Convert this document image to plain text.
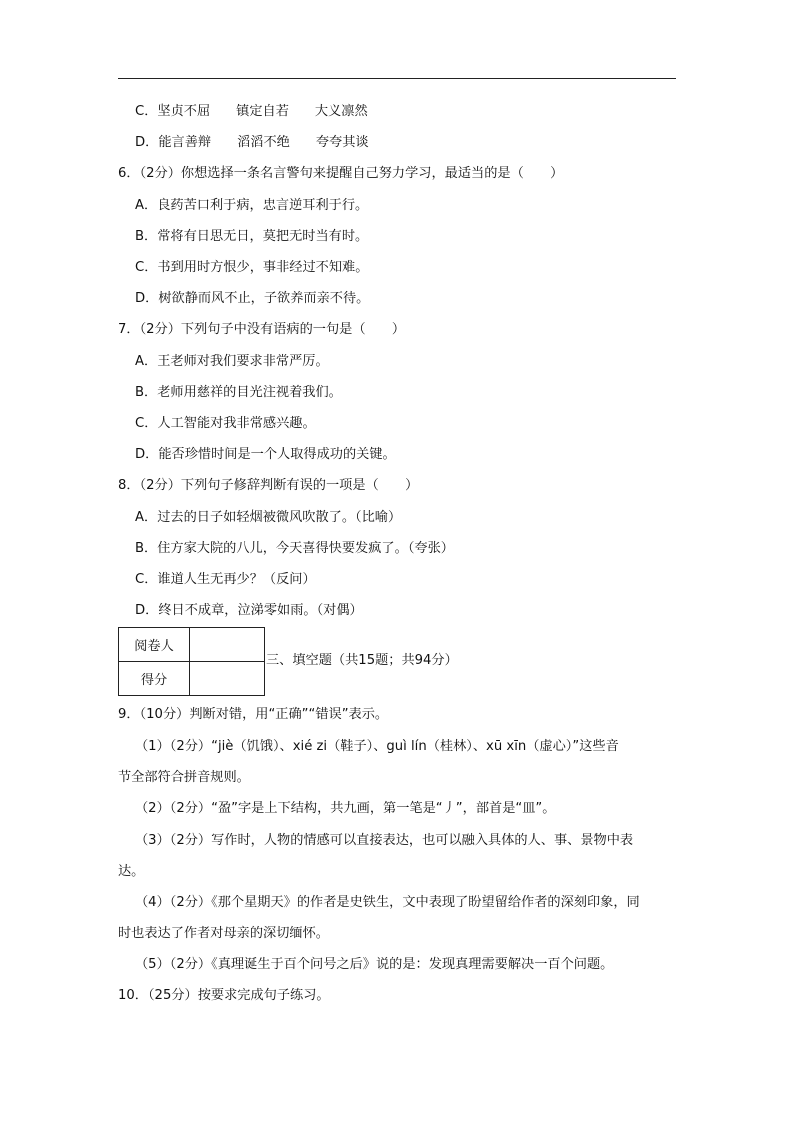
C．坚贞不屈 镇定自若 大义凛然
D．能言善辩 滔滔不绝 夸夸其谈
6．（2分）你想选择一条名言警句来提醒自己努力学习，最适当的是（　　）
A．良药苦口利于病，忠言逆耳利于行。
B．常将有日思无日，莫把无时当有时。
C．书到用时方恨少，事非经过不知难。
D．树欲静而风不止，子欲养而亲不待。
7．（2分）下列句子中没有语病的一句是（　　）
A．王老师对我们要求非常严厉。
B．老师用慈祥的目光注视着我们。
C．人工智能对我非常感兴趣。
D．能否珍惜时间是一个人取得成功的关键。
8．（2分）下列句子修辞判断有误的一项是（　　）
A．过去的日子如轻烟被微风吹散了。（比喻）
B．住方家大院的八儿，今天喜得快要发疯了。（夸张）
C．谁道人生无再少？（反问）
D．终日不成章，泣涕零如雨。（对偶）
阅卷人	
得分	
三、填空题（共15题；共94分）
9．（10分）判断对错，用“正确”“错误”表示。
（1）（2分）“jiè（饥饿）、xié zi（鞋子）、guì lín（桂林）、xū xīn（虚心）”这些音
节全部符合拼音规则。
（2）（2分）“盈”字是上下结构，共九画，第一笔是“丿”，部首是“皿”。
（3）（2分）写作时，人物的情感可以直接表达，也可以融入具体的人、事、景物中表
达。
（4）（2分）《那个星期天》的作者是史铁生，文中表现了盼望留给作者的深刻印象，同
时也表达了作者对母亲的深切缅怀。
（5）（2分）《真理诞生于百个问号之后》说的是：发现真理需要解决一百个问题。
10．（25分）按要求完成句子练习。
